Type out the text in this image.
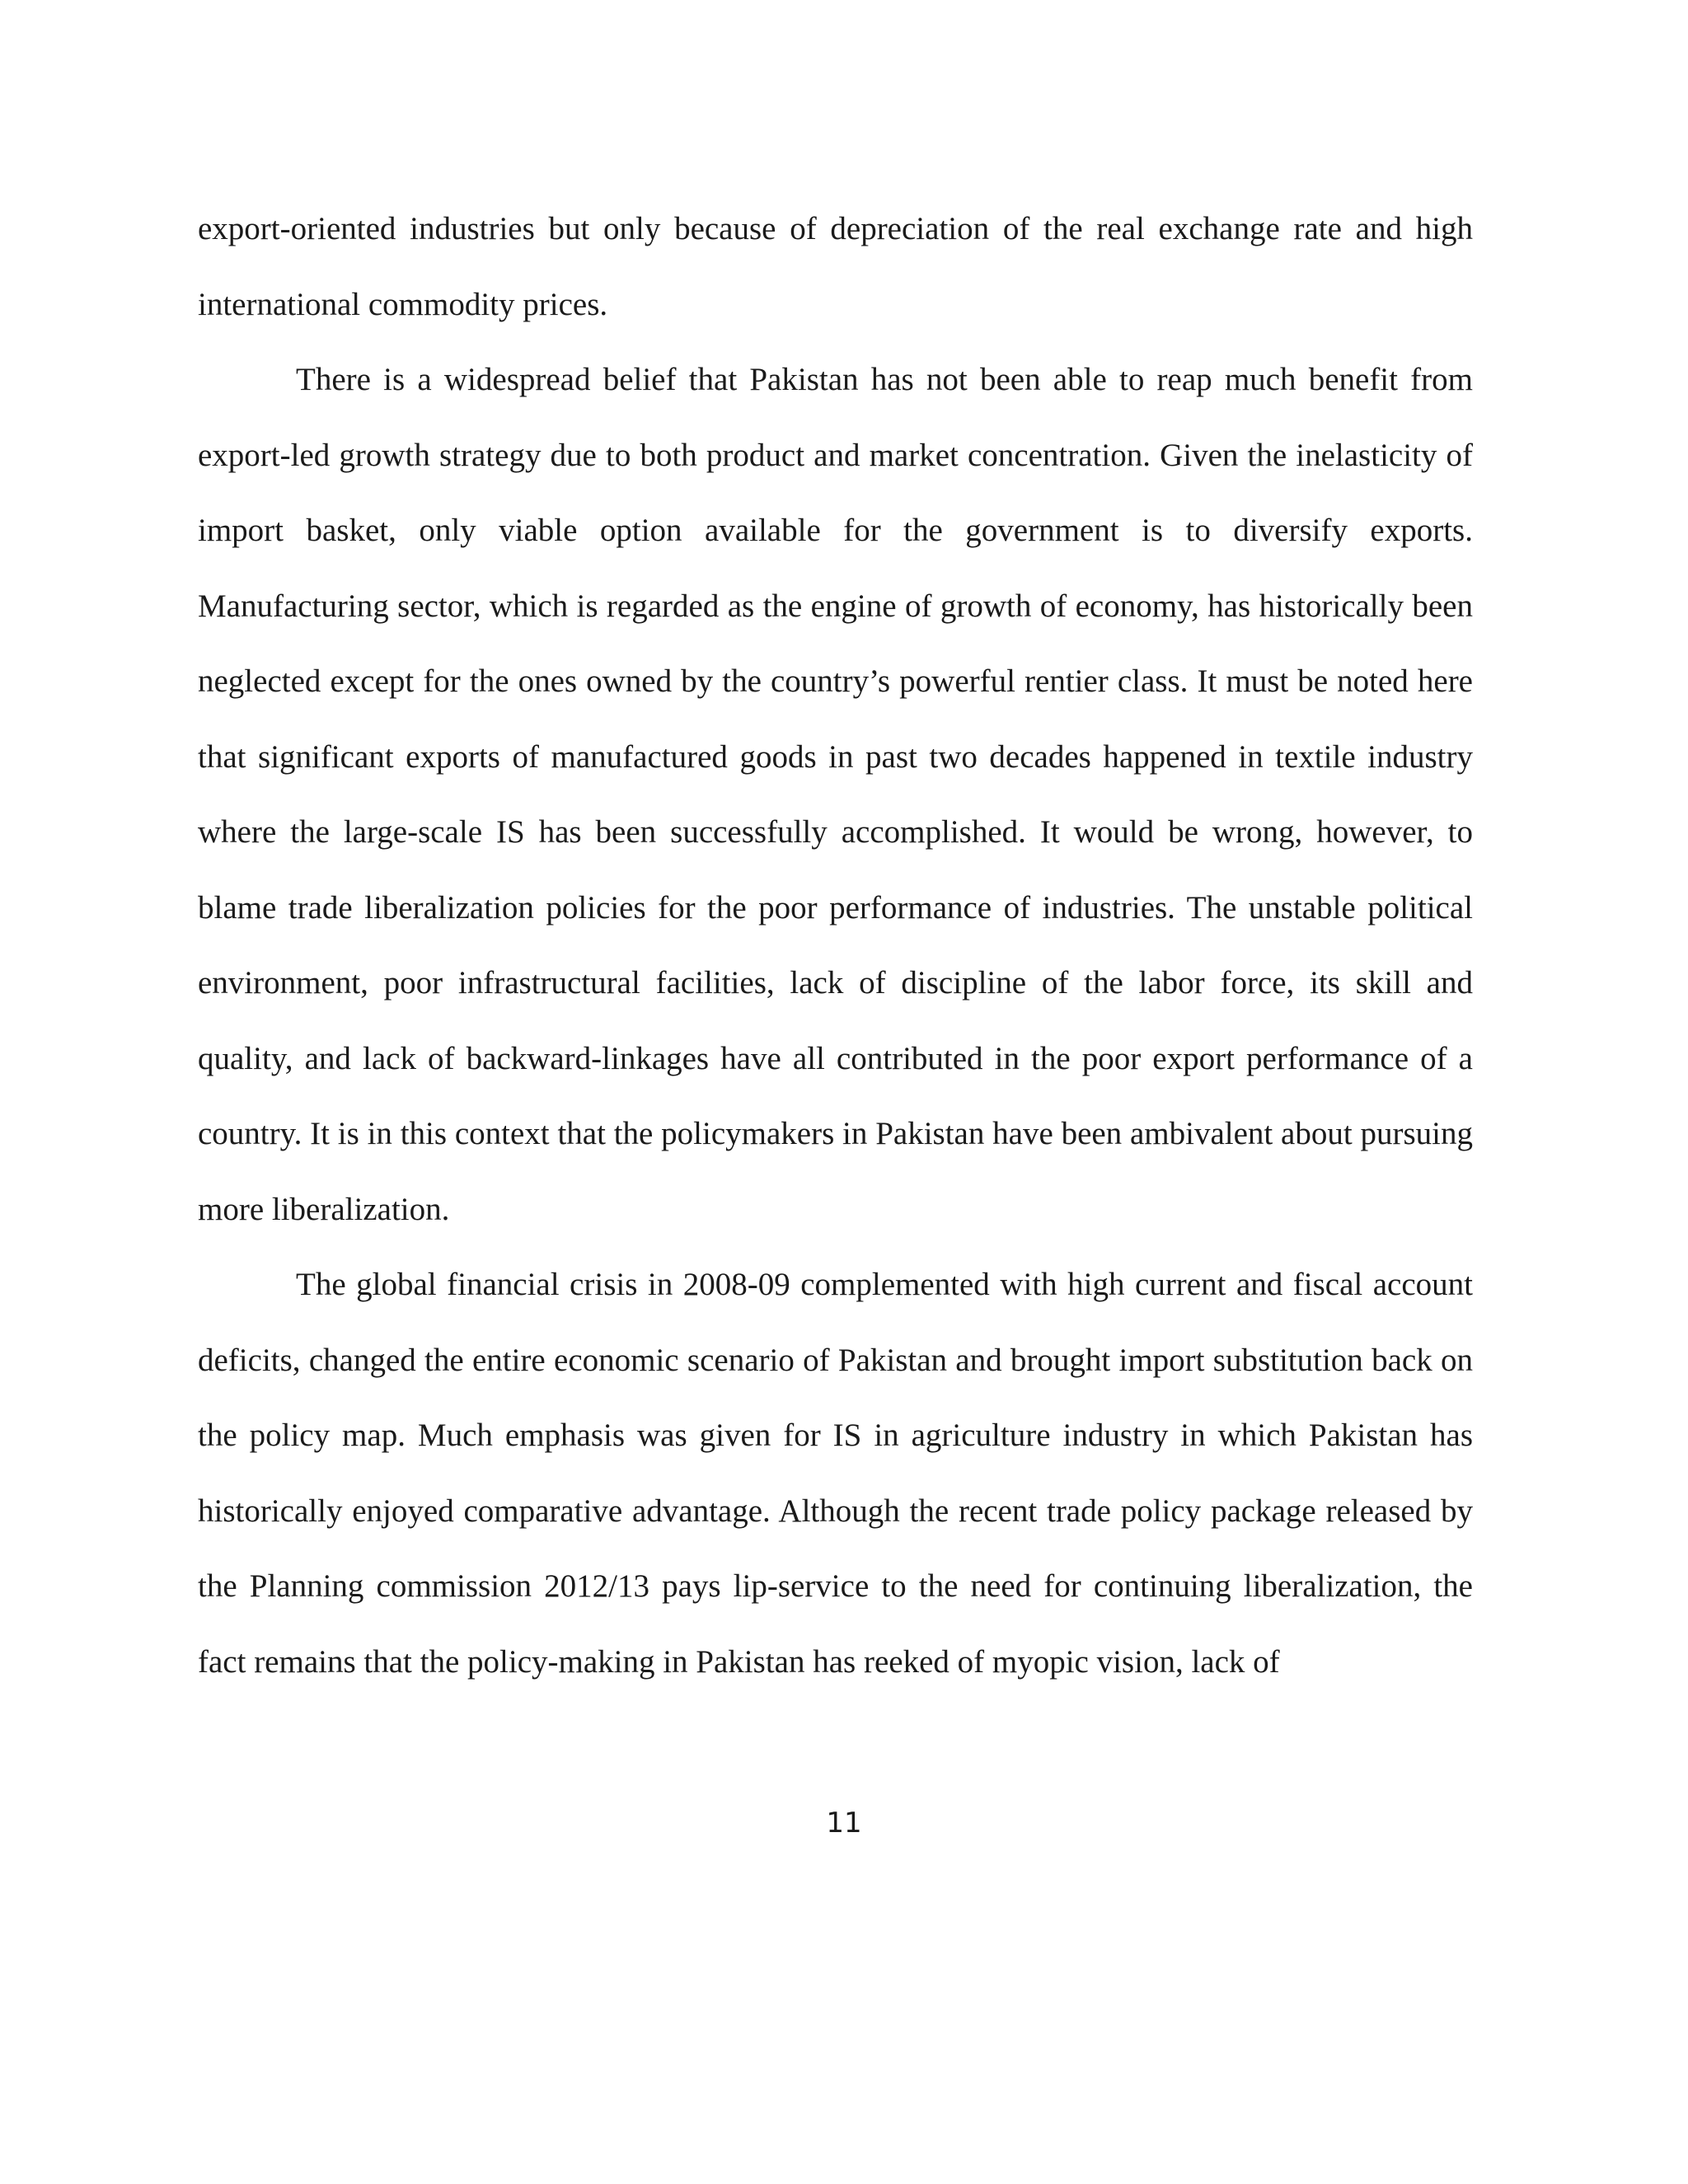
export-oriented industries but only because of depreciation of the real exchange rate and high international commodity prices.

There is a widespread belief that Pakistan has not been able to reap much benefit from export-led growth strategy due to both product and market concentration. Given the inelasticity of import basket, only viable option available for the government is to diversify exports. Manufacturing sector, which is regarded as the engine of growth of economy, has historically been neglected except for the ones owned by the country’s powerful rentier class. It must be noted here that significant exports of manufactured goods in past two decades happened in textile industry where the large-scale IS has been successfully accomplished. It would be wrong, however, to blame trade liberalization policies for the poor performance of industries. The unstable political environment, poor infrastructural facilities, lack of discipline of the labor force, its skill and quality, and lack of backward-linkages have all contributed in the poor export performance of a country. It is in this context that the policymakers in Pakistan have been ambivalent about pursuing more liberalization.

The global financial crisis in 2008-09 complemented with high current and fiscal account deficits, changed the entire economic scenario of Pakistan and brought import substitution back on the policy map. Much emphasis was given for IS in agriculture industry in which Pakistan has historically enjoyed comparative advantage. Although the recent trade policy package released by the Planning commission 2012/13 pays lip-service to the need for continuing liberalization, the fact remains that the policy-making in Pakistan has reeked of myopic vision, lack of

11
